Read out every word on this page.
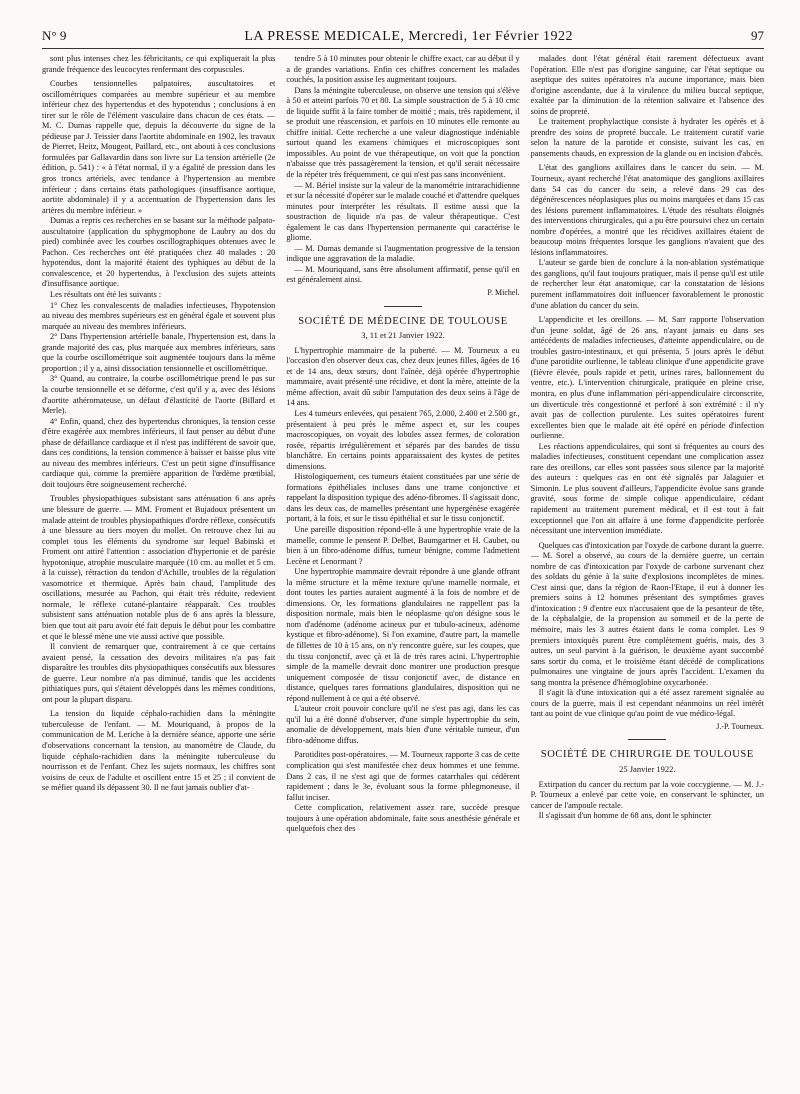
N° 9	LA PRESSE MEDICALE, Mercredi, 1er Février 1922	97

sont plus intenses chez les fébricitants, ce qui expliquerait la plus grande fréquence des leucocytes renfermant des corpuscules.

Courbes tensionnelles palpatoires, auscultatoires et oscillométriques comparées au membre supérieur et au membre inférieur chez des hypertendus et des hypotendus ; conclusions à en tirer sur le rôle de l'élément vasculaire dans chacun de ces états. — M. C. Dumas rappelle que, depuis la découverte du signe de la pédieuse par J. Teissier dans l'aortite abdominale en 1902, les travaux de Pierret, Heitz, Mougeot, Paillard, etc., ont abouti à ces conclusions formulées par Gallavardin dans son livre sur La tension artérielle (2e édition, p. 541) : « à l'état normal, il y a égalité de pression dans les gros troncs artériels, avec tendance à l'hypertension au membre inférieur ; dans certains états pathologiques (insuffisance aortique, aortite abdominale) il y a accentuation de l'hypertension dans les artères du membre inférieur. »

Dumas a repris ces recherches en se basant sur la méthode palpato-auscultatoire (application du sphygmophone de Laubry au dos du pied) combinée avec les courbes oscillographiques obtenues avec le Pachon. Ces recherches ont été pratiquées chez 40 malades : 20 hypotendus, dont la majorité étaient des typhiques au début de la convalescence, et 20 hypertendus, à l'exclusion des sujets atteints d'insuffisance aortique.

Les résultats ont été les suivants :

1° Chez les convalescents de maladies infectieuses, l'hypotension au niveau des membres supérieurs est en général égale et souvent plus marquée au niveau des membres inférieurs.

2° Dans l'hypertension artérielle banale, l'hypertension est, dans la grande majorité des cas, plus marquée aux membres inférieurs, sans que la courbe oscillométrique soit augmentée toujours dans la même proportion ; il y a, ainsi dissociation tensionnelle et oscillométrique.

3° Quand, au contraire, la courbe oscillométrique prend le pas sur la courbe tensionnelle et se déforme, c'est qu'il y a, avec des lésions d'aortite athéromateuse, un défaut d'élasticité de l'aorte (Billard et Merle).

4° Enfin, quand, chez des hypertendus chroniques, la tension cesse d'être exagérée aux membres inférieurs, il faut penser au début d'une phase de défaillance cardiaque et il n'est pas indifférent de savoir que, dans ces conditions, la tension commence à baisser et baisse plus vite au niveau des membres inférieurs. C'est un petit signe d'insuffisance cardiaque qui, comme la première apparition de l'œdème prœtibial, doit toujours être soigneusement recherché.

Troubles physiopathiques subsistant sans atténuation 6 ans après une blessure de guerre. — MM. Froment et Bujadoux présentent un malade atteint de troubles physiopathiques d'ordre réflexe, consécutifs à une blessure au tiers moyen du mollet. On retrouve chez lui au complet tous les éléments du syndrome sur lequel Babinski et Froment ont attiré l'attention : association d'hypertonie et de parésie hypotonique, atrophie musculaire marquée (10 cm. au mollet et 5 cm. à la cuisse), rétraction du tendon d'Achille, troubles de la régulation vasomotrice et thermique. Après bain chaud, l'amplitude des oscillations, mesurée au Pachon, qui était très réduite, redevient normale, le réflexe cutané-plantaire réapparaît. Ces troubles subsistent sans atténuation notable plus de 6 ans après la blessure, bien que tout ait paru avoir été fait depuis le début pour les combattre et que le blessé mène une vie aussi active que possible.

Il convient de remarquer que, contrairement à ce que certains avaient pensé, la cessation des devoirs militaires n'a pas fait disparaître les troubles dits physiopathiques consécutifs aux blessures de guerre. Leur nombre n'a pas diminué, tandis que les accidents pithiatiques purs, qui s'étaient développés dans les mêmes conditions, ont pour la plupart disparu.

La tension du liquide céphalo-rachidien dans la méningite tuberculeuse de l'enfant. — M. Mouriquand, à propos de la communication de M. Leriche à la dernière séance, apporte une série d'observations concernant la tension, au manomètre de Claude, du liquide céphalo-rachidien dans la méningite tuberculeuse du nourrisson et de l'enfant. Chez les sujets normaux, les chiffres sont voisins de ceux de l'adulte et oscillent entre 15 et 25 ; il convient de se méfier quand ils dépassent 30. Il ne faut jamais oublier d'at-

tendre 5 à 10 minutes pour obtenir le chiffre exact, car au début il y a de grandes variations. Enfin ces chiffres concernent les malades couchés, la position assise les augmentant toujours.

Dans la méningite tuberculeuse, on observe une tension qui s'élève à 50 et atteint parfois 70 et 80. La simple soustraction de 5 à 10 cmc de liquide suffit à la faire tomber de moitié ; mais, très rapidement, il se produit une réascension, et parfois en 10 minutes elle remonte au chiffre initial. Cette recherche a une valeur diagnostique indéniable surtout quand les examens chimiques et microscopiques sont impossibles. Au point de vue thérapeutique, on voit que la ponction n'abaisse que très passagèrement la tension, et qu'il serait nécessaire de la répéter très fréquemment, ce qui n'est pas sans inconvénient.

— M. Bériel insiste sur la valeur de la manométrie intrarachidienne et sur la nécessité d'opérer sur le malade couché et d'attendre quelques minutes pour interpréter les résultats. Il estime aussi que la soustraction de liquide n'a pas de valeur thérapeutique. C'est également le cas dans l'hypertension permanente qui caractérise le gliome.

— M. Dumas demande si l'augmentation progressive de la tension indique une aggravation de la maladie.

— M. Mouriquand, sans être absolument affirmatif, pense qu'il en est généralement ainsi.

P. Michel.
SOCIÉTÉ DE MÉDECINE DE TOULOUSE
3, 11 et 21 Janvier 1922.

L'hypertrophie mammaire de la puberté. — M. Tourneux a eu l'occasion d'en observer deux cas, chez deux jeunes filles, âgées de 16 et de 14 ans, deux sœurs, dont l'aînée, déjà opérée d'hypertrophie mammaire, avait présenté une récidive, et dont la mère, atteinte de la même affection, avait dû subir l'amputation des deux seins à l'âge de 14 ans.

Les 4 tumeurs enlevées, qui pesaient 765, 2.000, 2.400 et 2.500 gr., présentaient à peu près le même aspect et, sur les coupes macroscopiques, on voyait des lobules assez fermes, de coloration rosée, répartis irrégulièrement et séparés par des bandes de tissu blanchâtre. En certains points apparaissaient des kystes de petites dimensions.

Histologiquement, ces tumeurs étaient constituées par une série de formations épithéliales incluses dans une trame conjonctive et rappelant la disposition typique des adéno-fibromes. Il s'agissait donc, dans les deux cas, de mamelles présentant une hypergénèse exagérée portant, à la fois, et sur le tissu épithélial et sur le tissu conjonctif.

Une pareille disposition répond-elle à une hypertrophie vraie de la mamelle, comme le pensent P. Delbet, Baumgartner et H. Caubet, ou bien à un fibro-adénome diffus, tumeur bénigne, comme l'admettent Lecène et Lenormant ?

Une hypertrophie mammaire devrait répondre à une glande offrant la même structure et la même texture qu'une mamelle normale, et dont toutes les parties auraient augmenté à la fois de nombre et de dimensions. Or, les formations glandulaires ne rappellent pas la disposition normale, mais bien le néoplasme qu'on désigne sous le nom d'adénome (adénome acineux pur et tubulo-acineux, adénome kystique et fibro-adénome). Si l'on examine, d'autre part, la mamelle de fillettes de 10 à 15 ans, on n'y rencontre guère, sur les coupes, que du tissu conjonctif, avec çà et là de très rares acini. L'hypertrophie simple de la mamelle devrait donc montrer une production presque uniquement composée de tissu conjonctif avec, de distance en distance, quelques rares formations glandulaires, disposition qui ne répond nullement à ce qui a été observé.

L'auteur croit pouvoir conclure qu'il ne s'est pas agi, dans les cas qu'il lui a été donné d'observer, d'une simple hypertrophie du sein, anomalie de développement, mais bien d'une véritable tumeur, d'un fibro-adénome diffus.

Parotidites post-opératoires. — M. Tourneux rapporte 3 cas de cette complication qui s'est manifestée chez deux hommes et une femme. Dans 2 cas, il ne s'est agi que de formes catarrhales qui cédèrent rapidement ; dans le 3e, évoluant sous la forme phlegmoneuse, il fallut inciser.

Cette complication, relativement assez rare, succède presque toujours à une opération abdominale, faite sous anesthésie générale et quelquefois chez des

malades dont l'état général était rarement défectueux avant l'opération. Elle n'est pas d'origine sanguine, car l'état septique ou aseptique des suites opératoires n'a aucune importance, mais bien d'origine ascendante, due à la virulence du milieu buccal septique, exaltée par la diminution de la rétention salivaire et l'absence des soins de propreté.

Le traitement prophylactique consiste à hydrater les opérés et à prendre des soins de propreté buccale. Le traitement curatif varie selon la nature de la parotide et consiste, suivant les cas, en pansements chauds, en expression de la glande ou en incision d'abcès.

L'état des ganglions axillaires dans le cancer du sein. — M. Tourneux, ayant recherché l'état anatomique des ganglions axillaires dans 54 cas du cancer du sein, a relevé dans 29 cas des dégénérescences néoplasiques plus ou moins marquées et dans 15 cas des lésions purement inflammatoires. L'étude des résultats éloignés des interventions chirurgicales, qui a pu être poursuivi chez un certain nombre d'opérées, a montré que les récidives axillaires étaient de beaucoup moins fréquentes lorsque les ganglions n'avaient que des lésions inflammatoires.

L'auteur se garde bien de conclure à la non-ablation systématique des ganglions, qu'il faut toujours pratiquer, mais il pense qu'il est utile de rechercher leur état anatomique, car la constatation de lésions purement inflammatoires doit influencer favorablement le pronostic d'une ablation du cancer du sein.

L'appendicite et les oreillons. — M. Sarr rapporte l'observation d'un jeune soldat, âgé de 26 ans, n'ayant jamais eu dans ses antécédents de maladies infectieuses, d'atteinte appendiculaire, ou de troubles gastro-intestinaux, et qui présenta, 5 jours après le début d'une parotidite ourlienne, le tableau clinique d'une appendicite grave (fièvre élevée, pouls rapide et petit, urines rares, ballonnement du ventre, etc.). L'intervention chirurgicale, pratiquée en pleine crise, montra, en plus d'une inflammation péri-appendiculaire circonscrite, un diverticule très congestionné et perforé à son extrémité : il n'y avait pas de collection purulente. Les suites opératoires furent excellentes bien que le malade ait été opéré en période d'infection ourlienne.

Les réactions appendiculaires, qui sont si fréquentes au cours des maladies infectieuses, constituent cependant une complication assez rare des oreillons, car elles sont passées sous silence par la majorité des auteurs : quelques cas en ont été signalés par Jalaguier et Simonin. Le plus souvent d'ailleurs, l'appendicite évolue sans grande gravité, sous forme de simple colique appendiculaire, cédant rapidement au traitement purement médical, et il est tout à fait exceptionnel que l'on ait affaire à une forme d'appendicite perforée nécessitant une intervention immédiate.

Quelques cas d'intoxication par l'oxyde de carbone durant la guerre. — M. Sorel a observé, au cours de la dernière guerre, un certain nombre de cas d'intoxication par l'oxyde de carbone survenant chez des soldats du génie à la suite d'explosions incomplètes de mines. C'est ainsi que, dans la région de Raon-l'Etape, il eut à donner les premiers soins à 12 hommes présentant des symptômes graves d'intoxication : 9 d'entre eux n'accusaient que de la pesanteur de tête, de la céphalalgie, de la propension au sommeil et de la perte de mémoire, mais les 3 autres étaient dans le coma complet. Les 9 premiers intoxiqués purent être complètement guéris, mais, des 3 autres, un seul parvint à la guérison, le deuxième ayant succombé sans sortir du coma, et le troisième étant décédé de complications pulmonaires une vingtaine de jours après l'accident. L'examen du sang montra la présence d'hémoglobine oxycarbonée.

Il s'agit là d'une intoxication qui a été assez rarement signalée au cours de la guerre, mais il est cependant néanmoins un réel intérêt tant au point de vue clinique qu'au point de vue médico-légal.

J.-P. Tourneux.
SOCIÉTÉ DE CHIRURGIE DE TOULOUSE
25 Janvier 1922.

Extirpation du cancer du rectum par la voie coccygienne. — M. J.-P. Tourneux a enlevé par cette voie, en conservant le sphincter, un cancer de l'ampoule rectale.

Il s'agissait d'un homme de 68 ans, dont le sphincter
